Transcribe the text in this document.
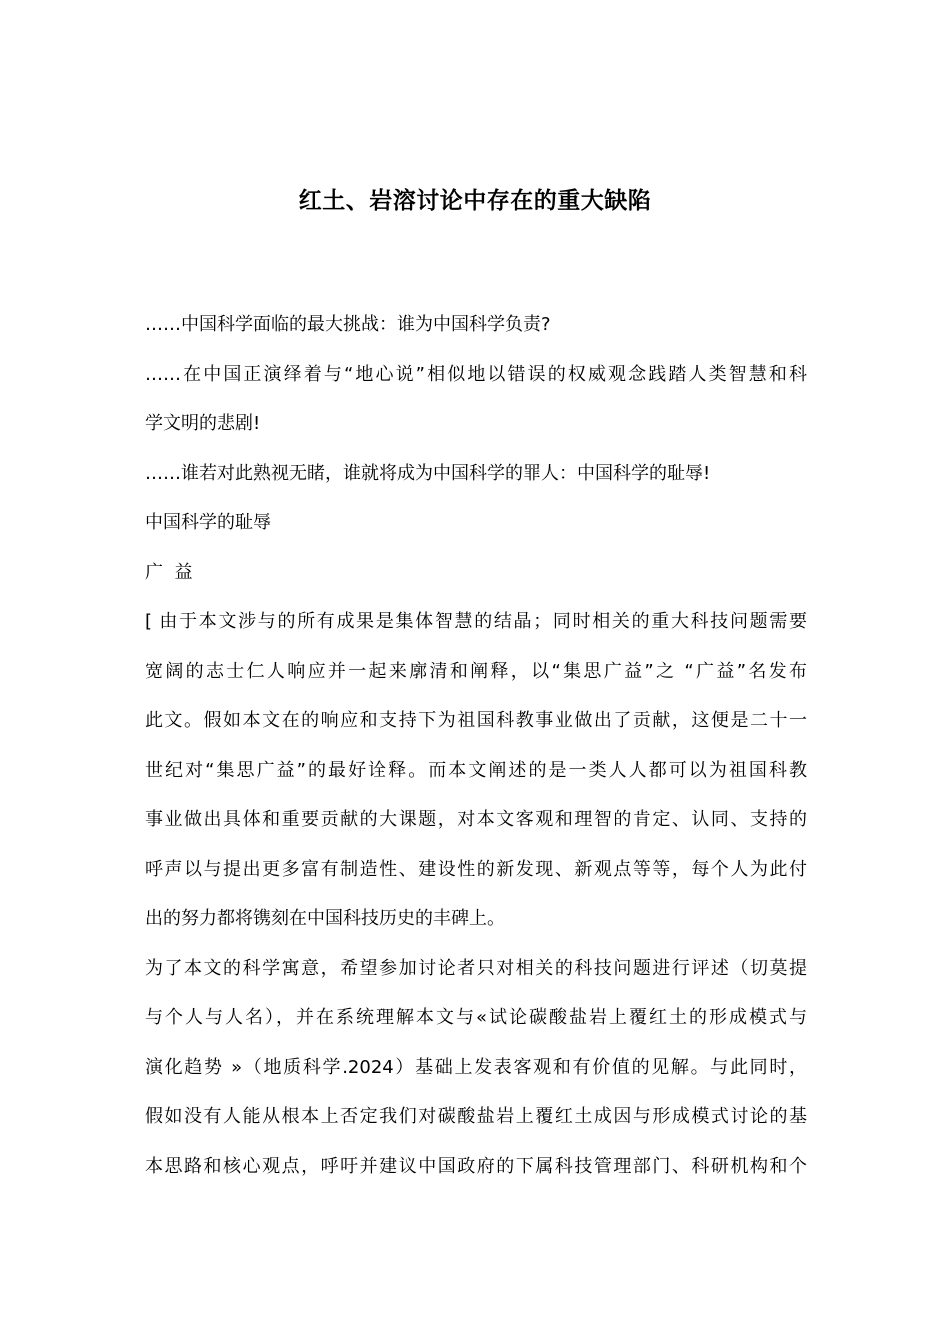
红土、岩溶讨论中存在的重大缺陷
……中国科学面临的最大挑战：谁为中国科学负责?
……在中国正演绎着与“地心说”相似地以错误的权威观念践踏人类智慧和科
学文明的悲剧!
……谁若对此熟视无睹，谁就将成为中国科学的罪人：中国科学的耻辱!
中国科学的耻辱
广  益
[ 由于本文涉与的所有成果是集体智慧的结晶；同时相关的重大科技问题需要
宽阔的志士仁人响应并一起来廓清和阐释，以“集思广益”之 “广益”名发布
此文。假如本文在的响应和支持下为祖国科教事业做出了贡献，这便是二十一
世纪对“集思广益”的最好诠释。而本文阐述的是一类人人都可以为祖国科教
事业做出具体和重要贡献的大课题，对本文客观和理智的肯定、认同、支持的
呼声以与提出更多富有制造性、建设性的新发现、新观点等等，每个人为此付
出的努力都将镌刻在中国科技历史的丰碑上。
为了本文的科学寓意，希望参加讨论者只对相关的科技问题进行评述（切莫提
与个人与人名），并在系统理解本文与«试论碳酸盐岩上覆红土的形成模式与
演化趋势 »（地质科学.2024）基础上发表客观和有价值的见解。与此同时，
假如没有人能从根本上否定我们对碳酸盐岩上覆红土成因与形成模式讨论的基
本思路和核心观点，呼吁并建议中国政府的下属科技管理部门、科研机构和个
